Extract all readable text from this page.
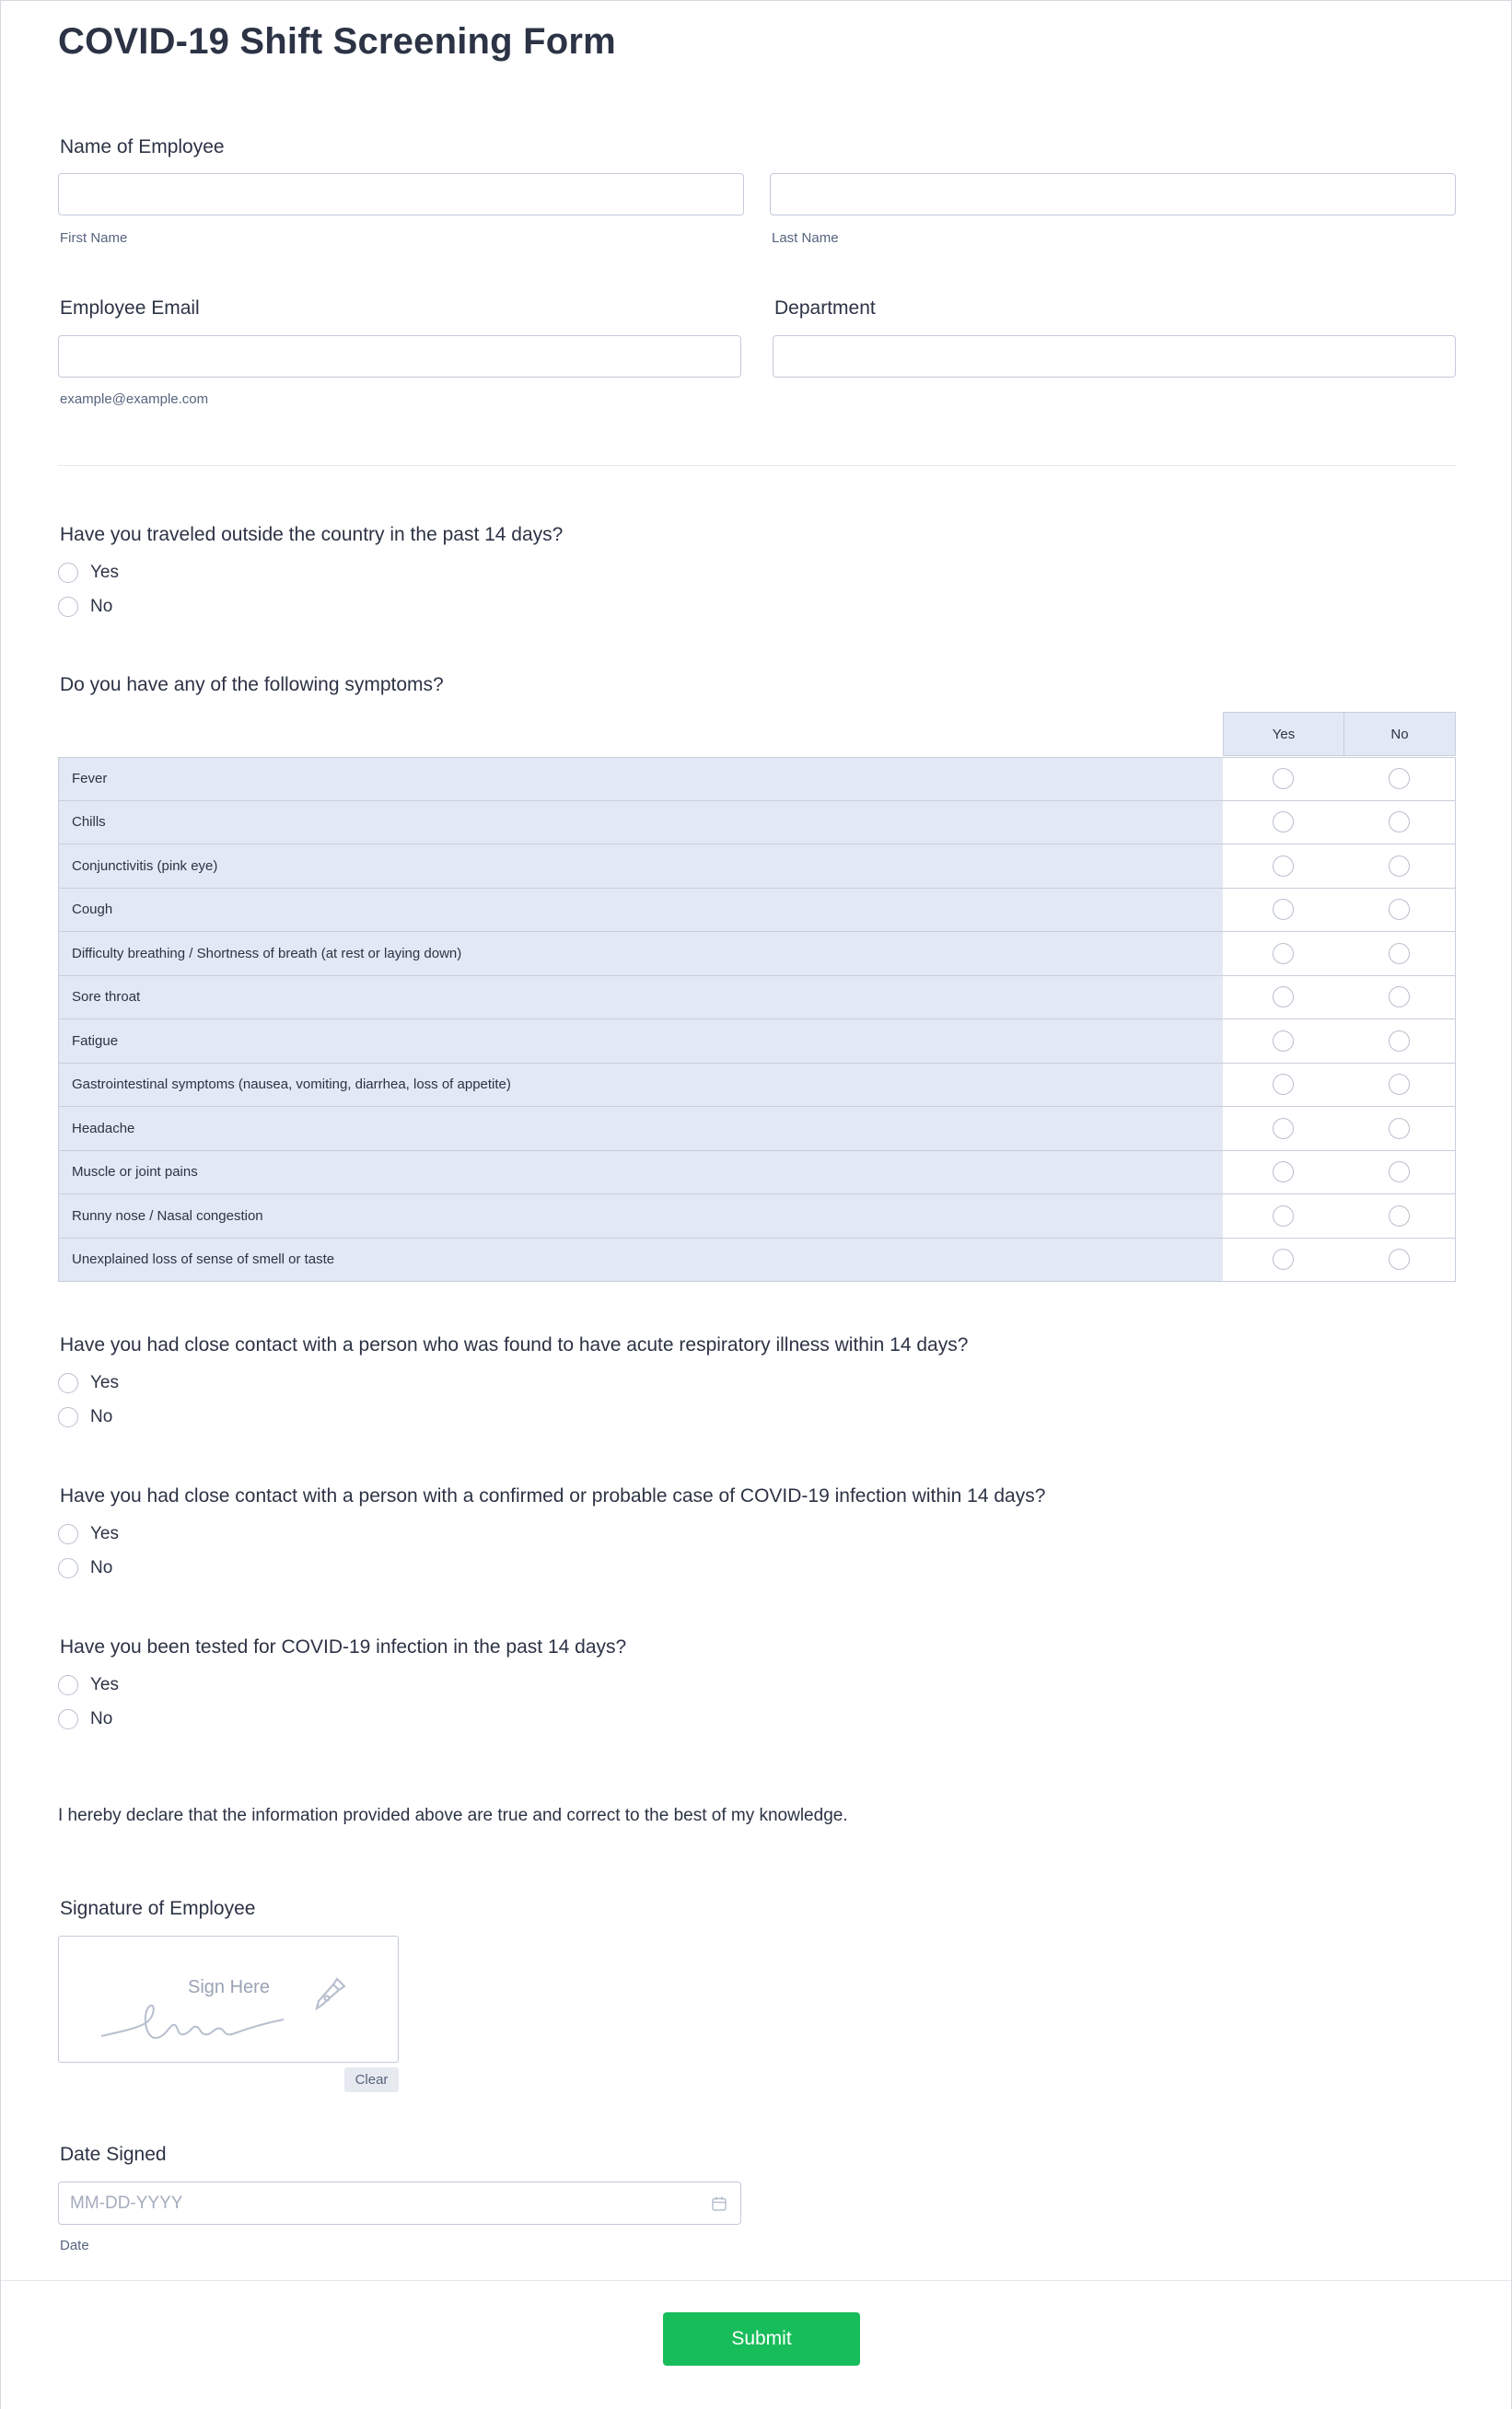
COVID-19 Shift Screening Form
Name of Employee
First Name	Last Name
Employee Email	Department
example@example.com
Have you traveled outside the country in the past 14 days?
Yes
No
Do you have any of the following symptoms?
Yes	No
Fever
Chills
Conjunctivitis (pink eye)
Cough
Difficulty breathing / Shortness of breath (at rest or laying down)
Sore throat
Fatigue
Gastrointestinal symptoms (nausea, vomiting, diarrhea, loss of appetite)
Headache
Muscle or joint pains
Runny nose / Nasal congestion
Unexplained loss of sense of smell or taste
Have you had close contact with a person who was found to have acute respiratory illness within 14 days?
Yes
No
Have you had close contact with a person with a confirmed or probable case of COVID-19 infection within 14 days?
Yes
No
Have you been tested for COVID-19 infection in the past 14 days?
Yes
No
I hereby declare that the information provided above are true and correct to the best of my knowledge.
Signature of Employee
Sign Here
Clear
Date Signed
MM-DD-YYYY
Date
Submit
